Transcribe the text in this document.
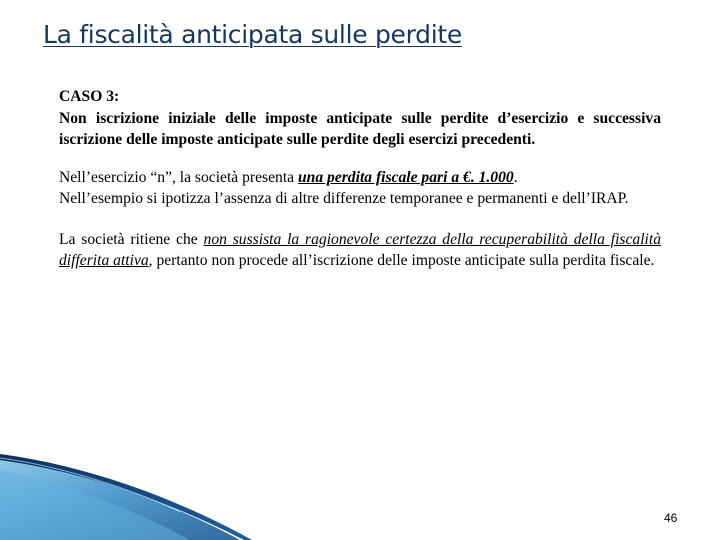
La fiscalità anticipata sulle perdite

CASO 3:

Non iscrizione iniziale delle imposte anticipate sulle perdite d’esercizio e successiva iscrizione delle imposte anticipate sulle perdite degli esercizi precedenti.

Nell’esercizio “n”, la società presenta una perdita fiscale pari a €. 1.000.

Nell’esempio si ipotizza l’assenza di altre differenze temporanee e permanenti e dell’IRAP.

La società ritiene che non sussista la ragionevole certezza della recuperabilità della fiscalità differita attiva, pertanto non procede all’iscrizione delle imposte anticipate sulla perdita fiscale.

46
